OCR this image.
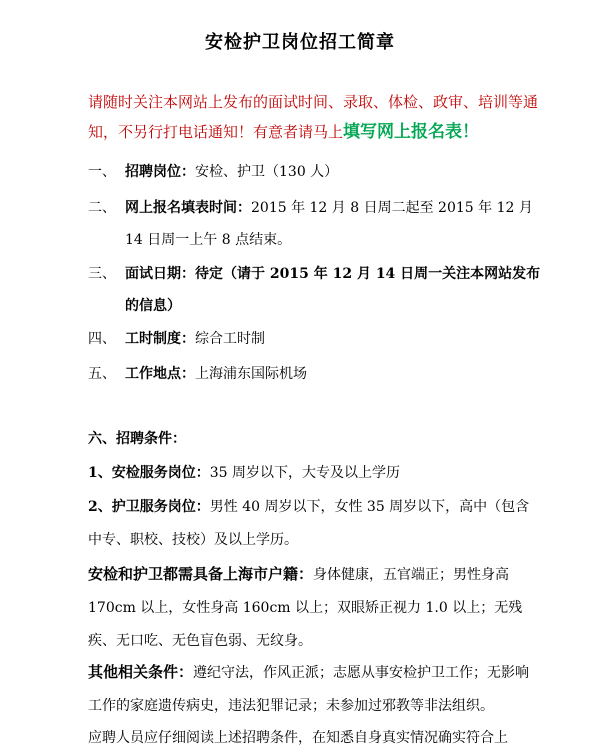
安检护卫岗位招工简章
请随时关注本网站上发布的面试时间、录取、体检、政审、培训等通知，不另行打电话通知！有意者请马上填写网上报名表！
一、 招聘岗位：安检、护卫（130 人）
二、 网上报名填表时间：2015 年 12 月 8 日周二起至 2015 年 12 月 14 日周一上午 8 点结束。
三、 面试日期：待定（请于 2015 年 12 月 14 日周一关注本网站发布的信息）
四、 工时制度：综合工时制
五、 工作地点：上海浦东国际机场
六、招聘条件：
1、安检服务岗位：35 周岁以下，大专及以上学历
2、护卫服务岗位：男性 40 周岁以下，女性 35 周岁以下，高中（包含中专、职校、技校）及以上学历。
安检和护卫都需具备上海市户籍：身体健康，五官端正；男性身高 170cm 以上，女性身高 160cm 以上；双眼矫正视力 1.0 以上；无残疾、无口吃、无色盲色弱、无纹身。
其他相关条件：遵纪守法，作风正派；志愿从事安检护卫工作；无影响工作的家庭遗传病史，违法犯罪记录；未参加过邪教等非法组织。
应聘人员应仔细阅读上述招聘条件，在知悉自身真实情况确实符合上
